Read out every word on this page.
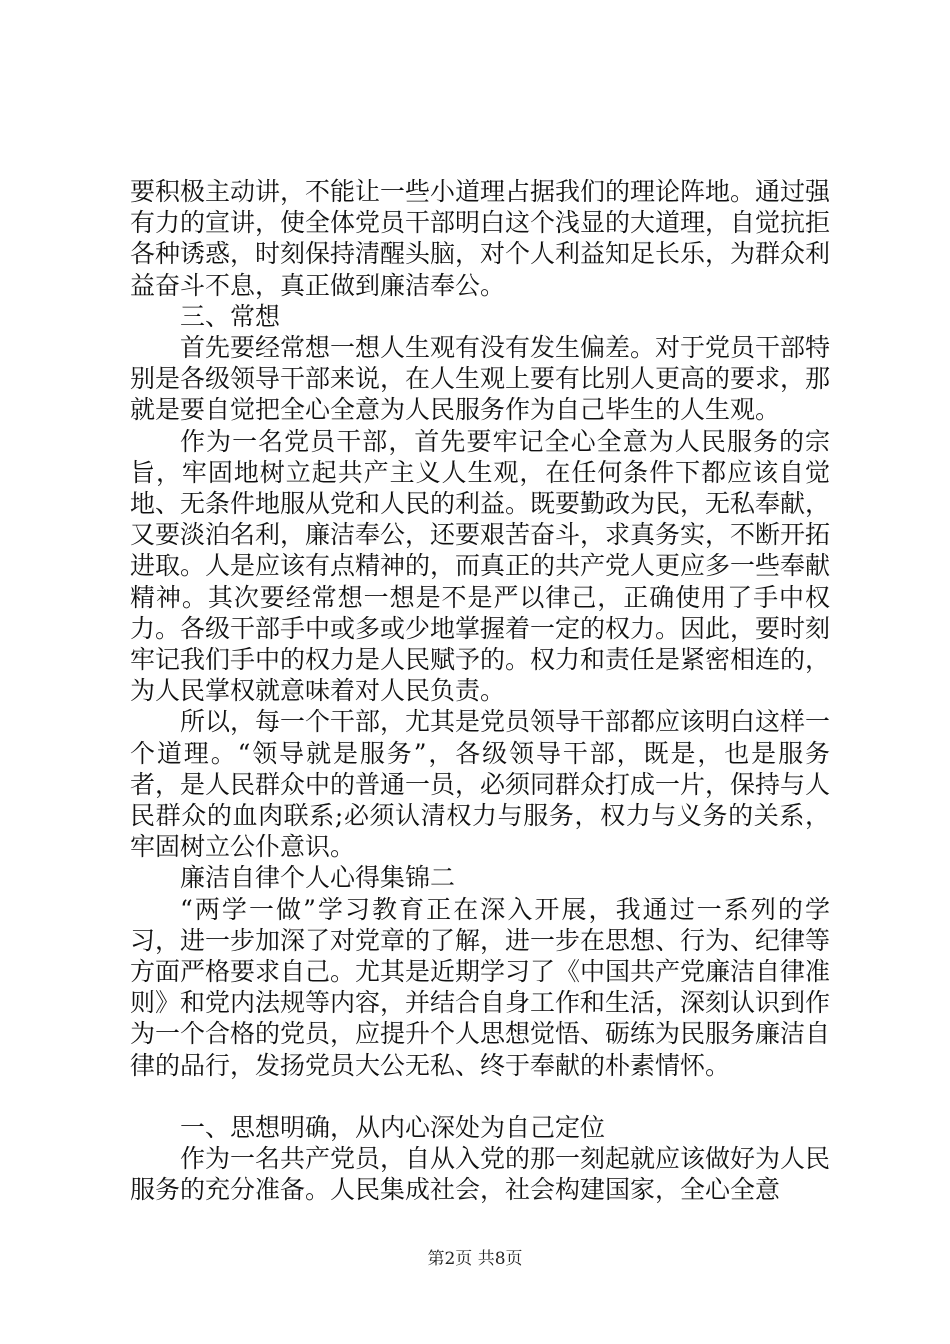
要积极主动讲，不能让一些小道理占据我们的理论阵地。通过强有力的宣讲，使全体党员干部明白这个浅显的大道理，自觉抗拒各种诱惑，时刻保持清醒头脑，对个人利益知足长乐，为群众利益奋斗不息，真正做到廉洁奉公。

三、常想

首先要经常想一想人生观有没有发生偏差。对于党员干部特别是各级领导干部来说，在人生观上要有比别人更高的要求，那就是要自觉把全心全意为人民服务作为自己毕生的人生观。

作为一名党员干部，首先要牢记全心全意为人民服务的宗旨，牢固地树立起共产主义人生观，在任何条件下都应该自觉地、无条件地服从党和人民的利益。既要勤政为民，无私奉献，又要淡泊名利，廉洁奉公，还要艰苦奋斗，求真务实，不断开拓进取。人是应该有点精神的，而真正的共产党人更应多一些奉献精神。其次要经常想一想是不是严以律己，正确使用了手中权力。各级干部手中或多或少地掌握着一定的权力。因此，要时刻牢记我们手中的权力是人民赋予的。权力和责任是紧密相连的，为人民掌权就意味着对人民负责。

所以，每一个干部，尤其是党员领导干部都应该明白这样一个道理。“领导就是服务”，各级领导干部，既是，也是服务者，是人民群众中的普通一员，必须同群众打成一片，保持与人民群众的血肉联系;必须认清权力与服务，权力与义务的关系，牢固树立公仆意识。

廉洁自律个人心得集锦二

“两学一做”学习教育正在深入开展，我通过一系列的学习，进一步加深了对党章的了解，进一步在思想、行为、纪律等方面严格要求自己。尤其是近期学习了《中国共产党廉洁自律准则》和党内法规等内容，并结合自身工作和生活，深刻认识到作为一个合格的党员，应提升个人思想觉悟、砺练为民服务廉洁自律的品行，发扬党员大公无私、终于奉献的朴素情怀。

一、思想明确，从内心深处为自己定位

作为一名共产党员，自从入党的那一刻起就应该做好为人民服务的充分准备。人民集成社会，社会构建国家，全心全意

第2页 共8页
